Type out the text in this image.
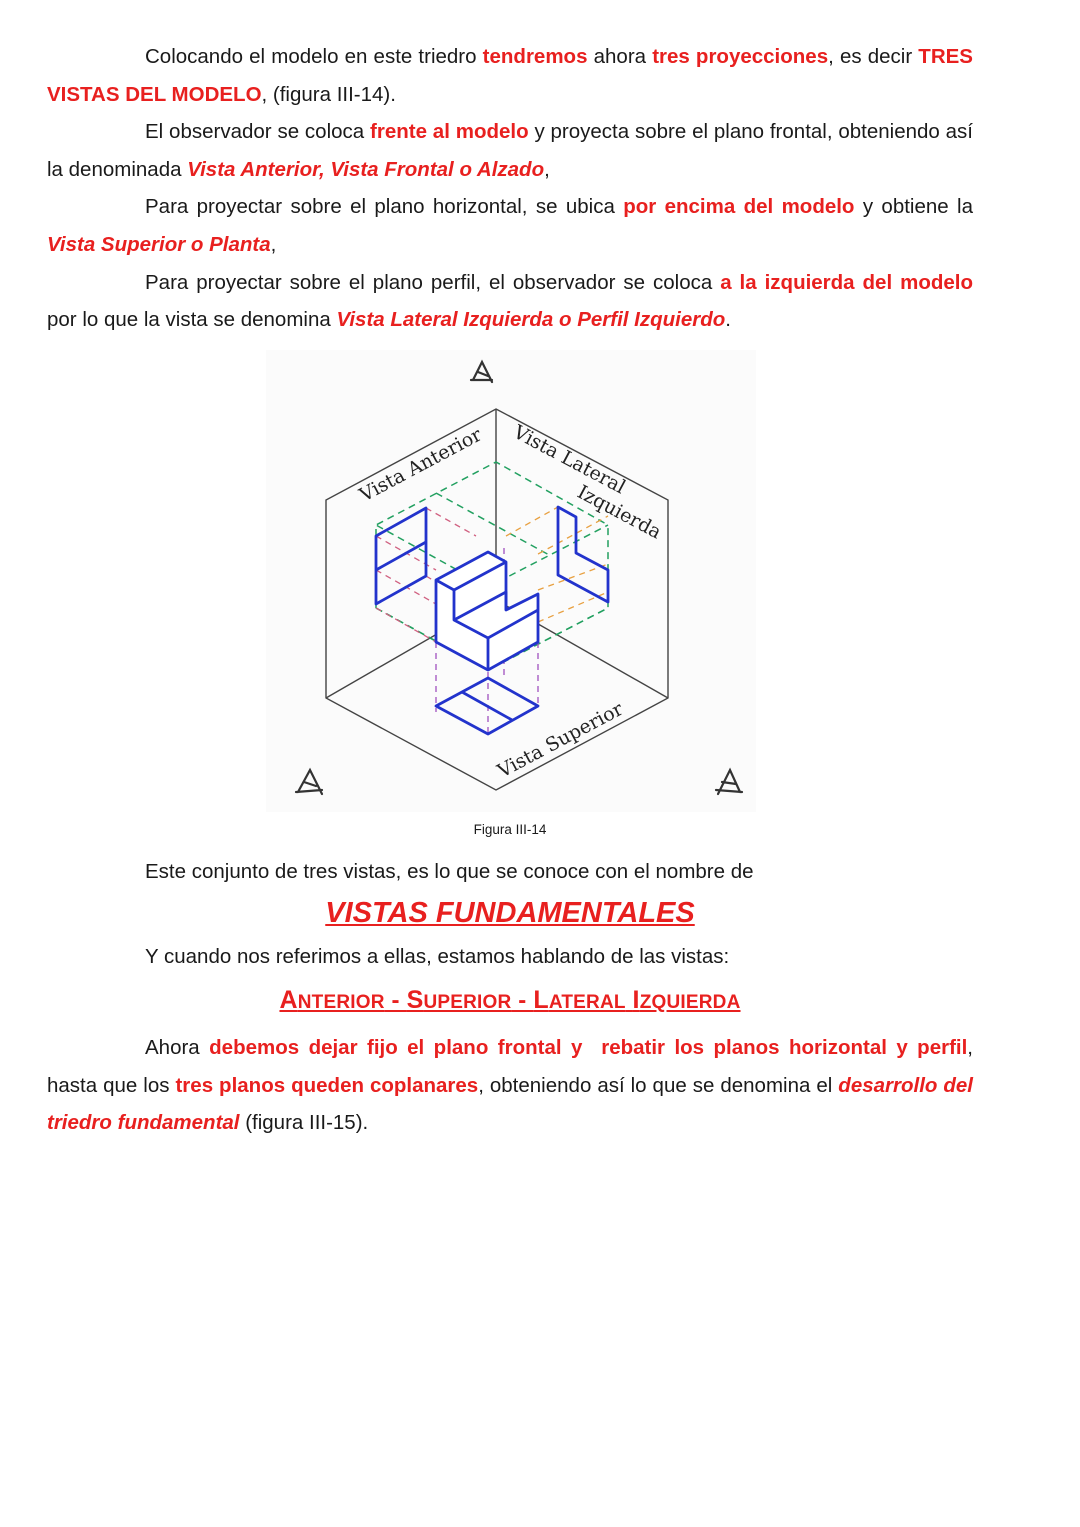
Colocando el modelo en este triedro tendremos ahora tres proyecciones, es decir TRES VISTAS DEL MODELO, (figura III-14).

El observador se coloca frente al modelo y proyecta sobre el plano frontal, obteniendo así la denominada Vista Anterior, Vista Frontal o Alzado,

Para proyectar sobre el plano horizontal, se ubica por encima del modelo y obtiene la Vista Superior o Planta,

Para proyectar sobre el plano perfil, el observador se coloca a la izquierda del modelo por lo que la vista se denomina Vista Lateral Izquierda o Perfil Izquierdo.

Vista Anterior Vista Lateral
Izquierda
Vista Superior
Figura III-14

Este conjunto de tres vistas, es lo que se conoce con el nombre de

VISTAS FUNDAMENTALES

Y cuando nos referimos a ellas, estamos hablando de las vistas:

ANTERIOR - SUPERIOR - LATERAL IZQUIERDA

Ahora debemos dejar fijo el plano frontal y  rebatir los planos horizontal y perfil, hasta que los tres planos queden coplanares, obteniendo así lo que se denomina el desarrollo del triedro fundamental (figura III-15).
